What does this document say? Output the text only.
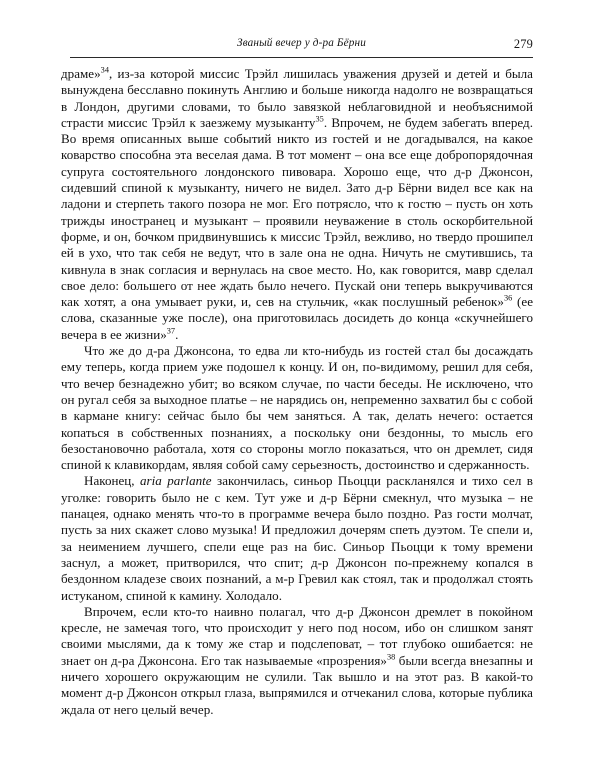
Званый вечер у д-ра Бёрни	279

драме»$^{34}$, из-за которой миссис Трэйл лишилась уважения друзей и детей и была вынуждена бесславно покинуть Англию и больше никогда надолго не возвращаться в Лондон, другими словами, то было завязкой неблаговидной и необъяснимой страсти миссис Трэйл к заезжему музыканту$^{35}$. Впрочем, не будем забегать вперед. Во время описанных выше событий никто из гостей и не догадывался, на какое коварство способна эта веселая дама. В тот момент – она все еще добропорядочная супруга состоятельного лондонского пивовара. Хорошо еще, что д-р Джонсон, сидевший спиной к музыканту, ничего не видел. Зато д-р Бёрни видел все как на ладони и стерпеть такого позора не мог. Его потрясло, что к гостю – пусть он хоть трижды иностранец и музыкант – проявили неуважение в столь оскорбительной форме, и он, бочком придвинувшись к миссис Трэйл, вежливо, но твердо прошипел ей в ухо, что так себя не ведут, что в зале она не одна. Ничуть не смутившись, та кивнула в знак согласия и вернулась на свое место. Но, как говорится, мавр сделал свое дело: большего от нее ждать было нечего. Пускай они теперь выкручиваются как хотят, а она умывает руки, и, сев на стульчик, «как послушный ребенок»$^{36}$ (ее слова, сказанные уже после), она приготовилась досидеть до конца «скучнейшего вечера в ее жизни»$^{37}$.

Что же до д-ра Джонсона, то едва ли кто-нибудь из гостей стал бы досаждать ему теперь, когда прием уже подошел к концу. И он, по-видимому, решил для себя, что вечер безнадежно убит; во всяком случае, по части беседы. Не исключено, что он ругал себя за выходное платье – не нарядись он, непременно захватил бы с собой в кармане книгу: сейчас было бы чем заняться. А так, делать нечего: остается копаться в собственных познаниях, а поскольку они бездонны, то мысль его безостановочно работала, хотя со стороны могло показаться, что он дремлет, сидя спиной к клавикордам, являя собой саму серьезность, достоинство и сдержанность.

Наконец, aria parlante закончилась, синьор Пьоцци раскланялся и тихо сел в уголке: говорить было не с кем. Тут уже и д-р Бёрни смекнул, что музыка – не панацея, однако менять что-то в программе вечера было поздно. Раз гости молчат, пусть за них скажет слово музыка! И предложил дочерям спеть дуэтом. Те спели и, за неимением лучшего, спели еще раз на бис. Синьор Пьоцци к тому времени заснул, а может, притворился, что спит; д-р Джонсон по-прежнему копался в бездонном кладезе своих познаний, а м-р Гревил как стоял, так и продолжал стоять истуканом, спиной к камину. Холодало.

Впрочем, если кто-то наивно полагал, что д-р Джонсон дремлет в покойном кресле, не замечая того, что происходит у него под носом, ибо он слишком занят своими мыслями, да к тому же стар и подслеповат, – тот глубоко ошибается: не знает он д-ра Джонсона. Его так называемые «прозрения»$^{38}$ были всегда внезапны и ничего хорошего окружающим не сулили. Так вышло и на этот раз. В какой-то момент д-р Джонсон открыл глаза, выпрямился и отчеканил слова, которые публика ждала от него целый вечер.
